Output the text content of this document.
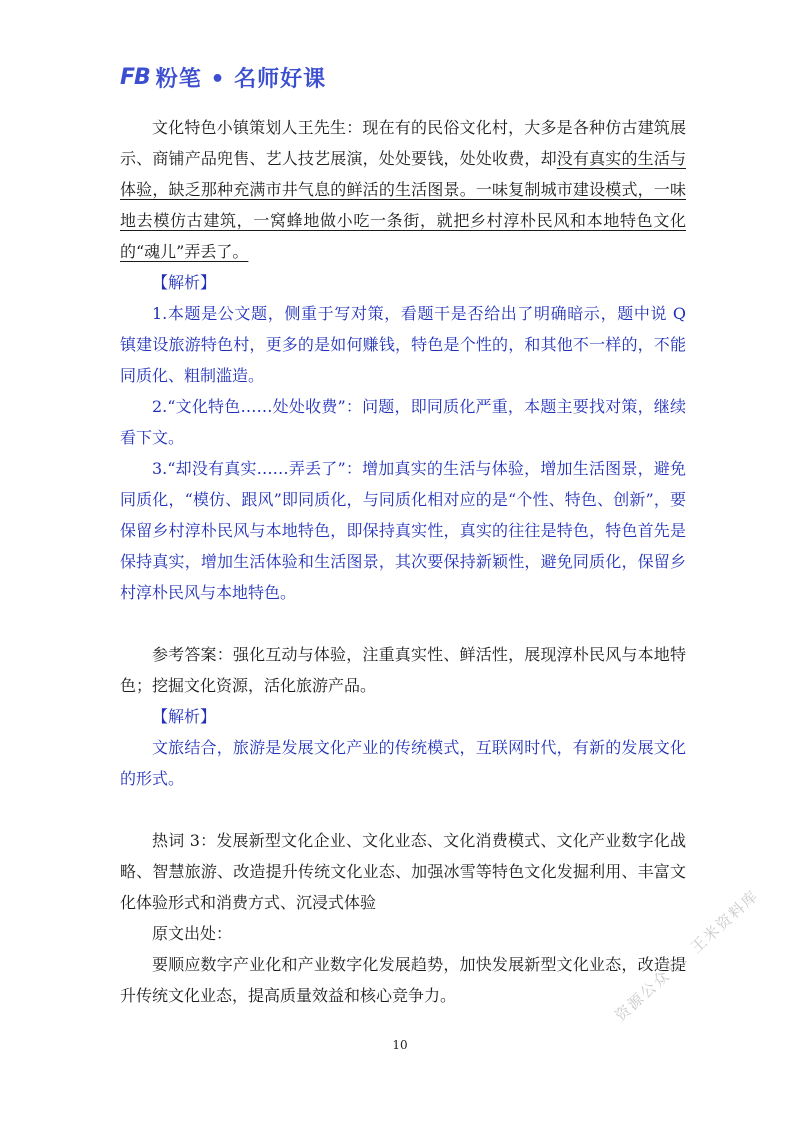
FB 粉笔 • 名师好课

文化特色小镇策划人王先生：现在有的民俗文化村，大多是各种仿古建筑展示、商铺产品兜售、艺人技艺展演，处处要钱，处处收费，却没有真实的生活与体验，缺乏那种充满市井气息的鲜活的生活图景。一味复制城市建设模式，一味地去模仿古建筑，一窝蜂地做小吃一条街，就把乡村淳朴民风和本地特色文化的“魂儿”弄丢了。

【解析】

1.本题是公文题，侧重于写对策，看题干是否给出了明确暗示，题中说 Q 镇建设旅游特色村，更多的是如何赚钱，特色是个性的，和其他不一样的，不能同质化、粗制滥造。

2.“文化特色……处处收费”：问题，即同质化严重，本题主要找对策，继续看下文。

3.“却没有真实……弄丢了”：增加真实的生活与体验，增加生活图景，避免同质化，“模仿、跟风”即同质化，与同质化相对应的是“个性、特色、创新”，要保留乡村淳朴民风与本地特色，即保持真实性，真实的往往是特色，特色首先是保持真实，增加生活体验和生活图景，其次要保持新颖性，避免同质化，保留乡村淳朴民风与本地特色。

参考答案：强化互动与体验，注重真实性、鲜活性，展现淳朴民风与本地特色；挖掘文化资源，活化旅游产品。

【解析】

文旅结合，旅游是发展文化产业的传统模式，互联网时代，有新的发展文化的形式。

热词 3：发展新型文化企业、文化业态、文化消费模式、文化产业数字化战略、智慧旅游、改造提升传统文化业态、加强冰雪等特色文化发掘利用、丰富文化体验形式和消费方式、沉浸式体验

原文出处：

要顺应数字产业化和产业数字化发展趋势，加快发展新型文化业态，改造提升传统文化业态，提高质量效益和核心竞争力。

10
资源公众号：王米资料库
